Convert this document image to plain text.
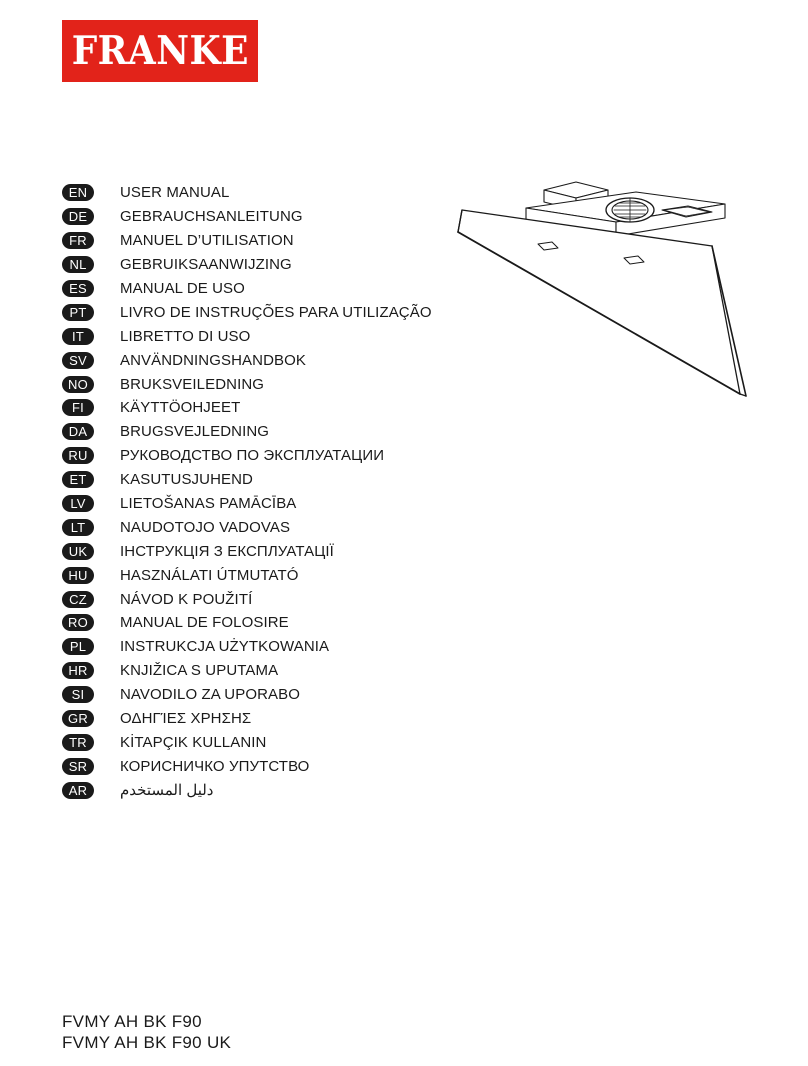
FRANKE
EN	USER MANUAL
DE	GEBRAUCHSANLEITUNG
FR	MANUEL D’UTILISATION
NL	GEBRUIKSAANWIJZING
ES	MANUAL DE USO
PT	LIVRO DE INSTRUÇÕES PARA UTILIZAÇÃO
IT	LIBRETTO DI USO
SV	ANVÄNDNINGSHANDBOK
NO	BRUKSVEILEDNING
FI	KÄYTTÖOHJEET
DA	BRUGSVEJLEDNING
RU	РУКОВОДСТВО ПО ЭКСПЛУАТАЦИИ
ET	KASUTUSJUHEND
LV	LIETOŠANAS PAMĀCĪBA
LT	NAUDOTOJO VADOVAS
UK	ІНСТРУКЦІЯ З ЕКСПЛУАТАЦІЇ
HU	HASZNÁLATI ÚTMUTATÓ
CZ	NÁVOD K POUŽITÍ
RO	MANUAL DE FOLOSIRE
PL	INSTRUKCJA UŻYTKOWANIA
HR	KNJIŽICA S UPUTAMA
SI	NAVODILO ZA UPORABO
GR	ΟΔΗΓΊΕΣ ΧΡΗΣΗΣ
TR	KİTAPÇIK KULLANIN
SR	КОРИСНИЧКО УПУТСТВО
AR	دليل المستخدم
FVMY AH BK F90
FVMY AH BK F90 UK
